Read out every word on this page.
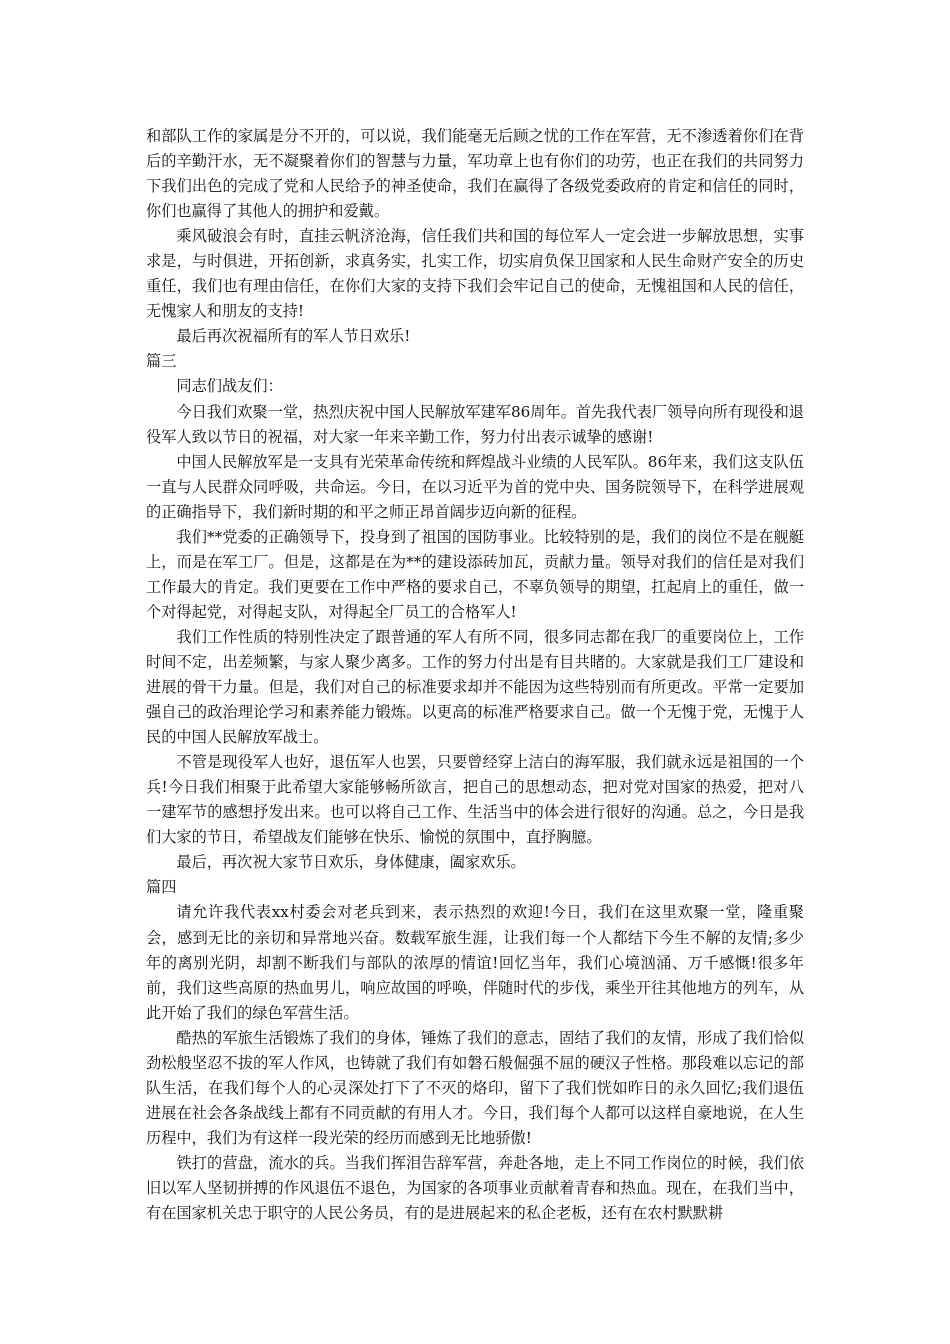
和部队工作的家属是分不开的，可以说，我们能毫无后顾之忧的工作在军营，无不渗透着你们在背后的辛勤汗水，无不凝聚着你们的智慧与力量，军功章上也有你们的功劳，也正在我们的共同努力下我们出色的完成了党和人民给予的神圣使命，我们在赢得了各级党委政府的肯定和信任的同时，你们也赢得了其他人的拥护和爱戴。

乘风破浪会有时，直挂云帆济沧海，信任我们共和国的每位军人一定会进一步解放思想，实事求是，与时俱进，开拓创新，求真务实，扎实工作，切实肩负保卫国家和人民生命财产安全的历史重任，我们也有理由信任，在你们大家的支持下我们会牢记自己的使命，无愧祖国和人民的信任，无愧家人和朋友的支持!

最后再次祝福所有的军人节日欢乐!

篇三

同志们战友们：

今日我们欢聚一堂，热烈庆祝中国人民解放军建军86周年。首先我代表厂领导向所有现役和退役军人致以节日的祝福，对大家一年来辛勤工作，努力付出表示诚挚的感谢!

中国人民解放军是一支具有光荣革命传统和辉煌战斗业绩的人民军队。86年来，我们这支队伍一直与人民群众同呼吸，共命运。今日，在以习近平为首的党中央、国务院领导下，在科学进展观的正确指导下，我们新时期的和平之师正昂首阔步迈向新的征程。

我们**党委的正确领导下，投身到了祖国的国防事业。比较特别的是，我们的岗位不是在舰艇上，而是在军工厂。但是，这都是在为**的建设添砖加瓦，贡献力量。领导对我们的信任是对我们工作最大的肯定。我们更要在工作中严格的要求自己，不辜负领导的期望，扛起肩上的重任，做一个对得起党，对得起支队，对得起全厂员工的合格军人!

我们工作性质的特别性决定了跟普通的军人有所不同，很多同志都在我厂的重要岗位上，工作时间不定，出差频繁，与家人聚少离多。工作的努力付出是有目共睹的。大家就是我们工厂建设和进展的骨干力量。但是，我们对自己的标准要求却并不能因为这些特别而有所更改。平常一定要加强自己的政治理论学习和素养能力锻炼。以更高的标准严格要求自己。做一个无愧于党，无愧于人民的中国人民解放军战士。

不管是现役军人也好，退伍军人也罢，只要曾经穿上洁白的海军服，我们就永远是祖国的一个兵!今日我们相聚于此希望大家能够畅所欲言，把自己的思想动态，把对党对国家的热爱，把对八一建军节的感想抒发出来。也可以将自己工作、生活当中的体会进行很好的沟通。总之，今日是我们大家的节日，希望战友们能够在快乐、愉悦的氛围中，直抒胸臆。

最后，再次祝大家节日欢乐，身体健康，阖家欢乐。

篇四

请允许我代表xx村委会对老兵到来，表示热烈的欢迎!今日，我们在这里欢聚一堂，隆重聚会，感到无比的亲切和异常地兴奋。数载军旅生涯，让我们每一个人都结下今生不解的友情;多少年的离别光阴，却割不断我们与部队的浓厚的情谊!回忆当年，我们心境汹涌、万千感慨!很多年前，我们这些高原的热血男儿，响应故国的呼唤，伴随时代的步伐，乘坐开往其他地方的列车，从此开始了我们的绿色军营生活。

酷热的军旅生活锻炼了我们的身体，锤炼了我们的意志，固结了我们的友情，形成了我们恰似劲松般坚忍不拔的军人作风，也铸就了我们有如磐石般倔强不屈的硬汉子性格。那段难以忘记的部队生活，在我们每个人的心灵深处打下了不灭的烙印，留下了我们恍如昨日的永久回忆;我们退伍进展在社会各条战线上都有不同贡献的有用人才。今日，我们每个人都可以这样自豪地说，在人生历程中，我们为有这样一段光荣的经历而感到无比地骄傲!

铁打的营盘，流水的兵。当我们挥泪告辞军营，奔赴各地，走上不同工作岗位的时候，我们依旧以军人坚韧拼搏的作风退伍不退色，为国家的各项事业贡献着青春和热血。现在，在我们当中，有在国家机关忠于职守的人民公务员，有的是进展起来的私企老板，还有在农村默默耕
